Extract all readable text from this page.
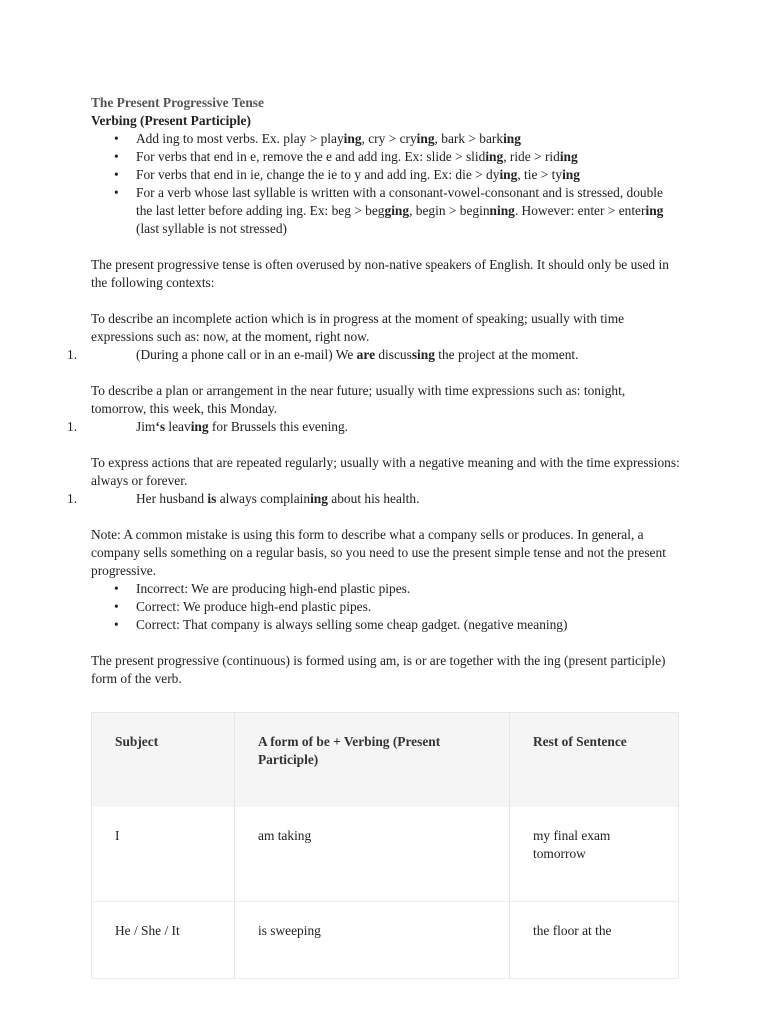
The Present Progressive Tense

Verbing (Present Participle)

• Add ing to most verbs. Ex. play > playing, cry > crying, bark > barking
• For verbs that end in e, remove the e and add ing. Ex: slide > sliding, ride > riding
• For verbs that end in ie, change the ie to y and add ing. Ex: die > dying, tie > tying
• For a verb whose last syllable is written with a consonant-vowel-consonant and is stressed, double the last letter before adding ing. Ex: beg > begging, begin > beginning. However: enter > entering (last syllable is not stressed)

The present progressive tense is often overused by non-native speakers of English. It should only be used in the following contexts:

To describe an incomplete action which is in progress at the moment of speaking; usually with time expressions such as: now, at the moment, right now.

1.	(During a phone call or in an e-mail) We are discussing the project at the moment.

To describe a plan or arrangement in the near future; usually with time expressions such as: tonight, tomorrow, this week, this Monday.

1.	Jim‘s leaving for Brussels this evening.

To express actions that are repeated regularly; usually with a negative meaning and with the time expressions: always or forever.

1.	Her husband is always complaining about his health.

Note: A common mistake is using this form to describe what a company sells or produces. In general, a company sells something on a regular basis, so you need to use the present simple tense and not the present progressive.

• Incorrect: We are producing high-end plastic pipes.
• Correct: We produce high-end plastic pipes.
• Correct: That company is always selling some cheap gadget. (negative meaning)

The present progressive (continuous) is formed using am, is or are together with the ing (present participle) form of the verb.

Subject	A form of be + Verbing (Present Participle)	Rest of Sentence
I	am taking	my final exam tomorrow
He / She / It	is sweeping	the floor at the
